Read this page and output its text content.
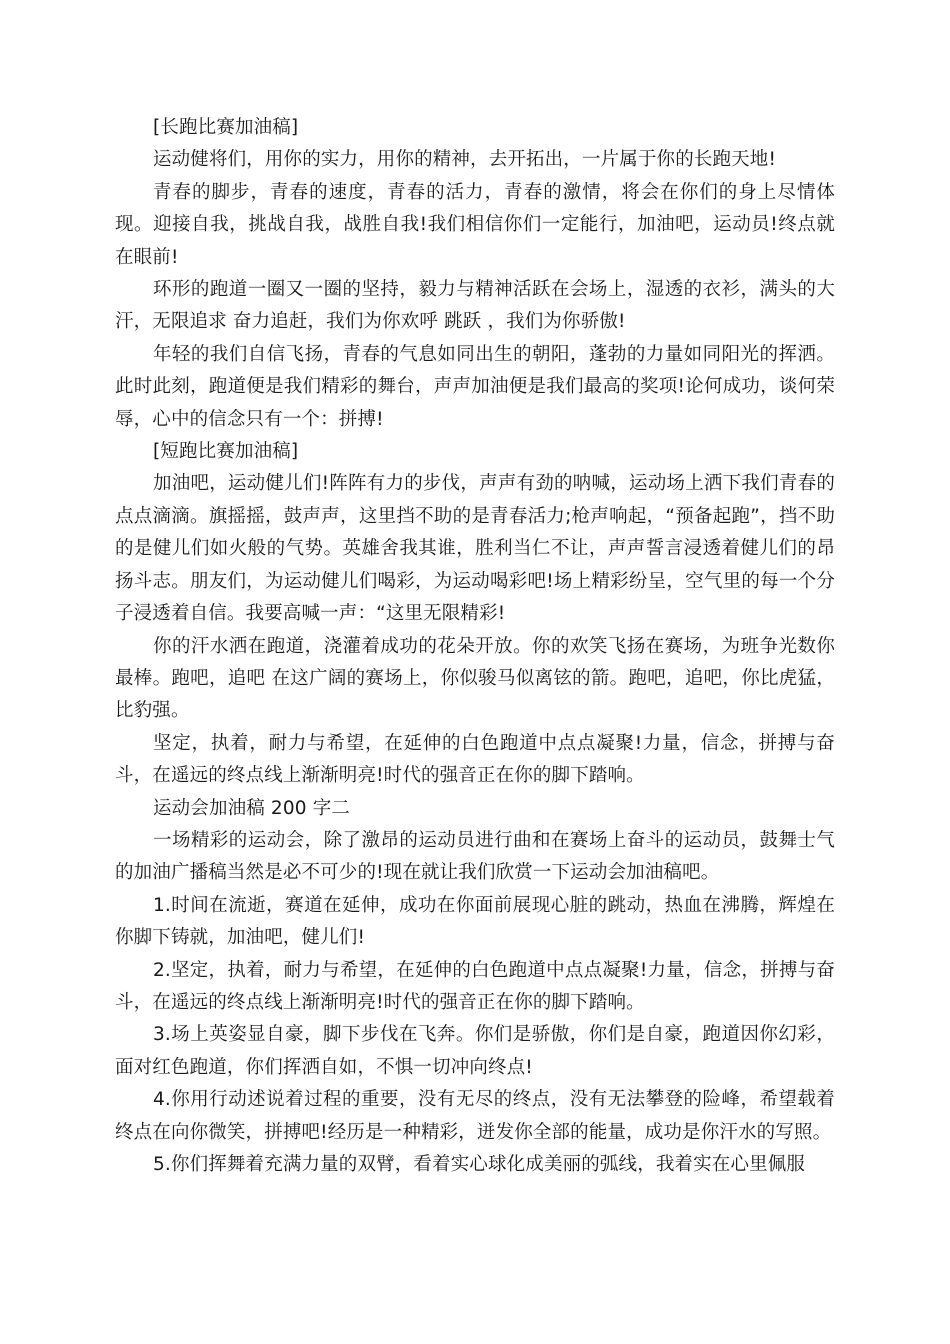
[长跑比赛加油稿]

运动健将们，用你的实力，用你的精神，去开拓出，一片属于你的长跑天地!

青春的脚步，青春的速度，青春的活力，青春的激情，将会在你们的身上尽情体现。迎接自我，挑战自我，战胜自我!我们相信你们一定能行，加油吧，运动员!终点就在眼前!

环形的跑道一圈又一圈的坚持，毅力与精神活跃在会场上，湿透的衣衫，满头的大汗，无限追求 奋力追赶，我们为你欢呼 跳跃 ，我们为你骄傲!

年轻的我们自信飞扬，青春的气息如同出生的朝阳，蓬勃的力量如同阳光的挥洒。此时此刻，跑道便是我们精彩的舞台，声声加油便是我们最高的奖项!论何成功，谈何荣辱，心中的信念只有一个：拼搏!

[短跑比赛加油稿]

加油吧，运动健儿们!阵阵有力的步伐，声声有劲的呐喊，运动场上洒下我们青春的点点滴滴。旗摇摇，鼓声声，这里挡不助的是青春活力;枪声响起，“预备起跑”，挡不助的是健儿们如火般的气势。英雄舍我其谁，胜利当仁不让，声声誓言浸透着健儿们的昂扬斗志。朋友们，为运动健儿们喝彩，为运动喝彩吧!场上精彩纷呈，空气里的每一个分子浸透着自信。我要高喊一声：“这里无限精彩!

你的汗水洒在跑道，浇灌着成功的花朵开放。你的欢笑飞扬在赛场，为班争光数你最棒。跑吧，追吧 在这广阔的赛场上，你似骏马似离铉的箭。跑吧，追吧，你比虎猛，比豹强。

坚定，执着，耐力与希望，在延伸的白色跑道中点点凝聚!力量，信念，拼搏与奋斗，在遥远的终点线上渐渐明亮!时代的强音正在你的脚下踏响。

运动会加油稿 200 字二

一场精彩的运动会，除了激昂的运动员进行曲和在赛场上奋斗的运动员，鼓舞士气的加油广播稿当然是必不可少的!现在就让我们欣赏一下运动会加油稿吧。

1.时间在流逝，赛道在延伸，成功在你面前展现心脏的跳动，热血在沸腾，辉煌在你脚下铸就，加油吧，健儿们!

2.坚定，执着，耐力与希望，在延伸的白色跑道中点点凝聚!力量，信念，拼搏与奋斗，在遥远的终点线上渐渐明亮!时代的强音正在你的脚下踏响。

3.场上英姿显自豪，脚下步伐在飞奔。你们是骄傲，你们是自豪，跑道因你幻彩，面对红色跑道，你们挥洒自如，不惧一切冲向终点!

4.你用行动述说着过程的重要，没有无尽的终点，没有无法攀登的险峰，希望载着终点在向你微笑，拼搏吧!经历是一种精彩，迸发你全部的能量，成功是你汗水的写照。

5.你们挥舞着充满力量的双臂，看着实心球化成美丽的弧线，我着实在心里佩服
